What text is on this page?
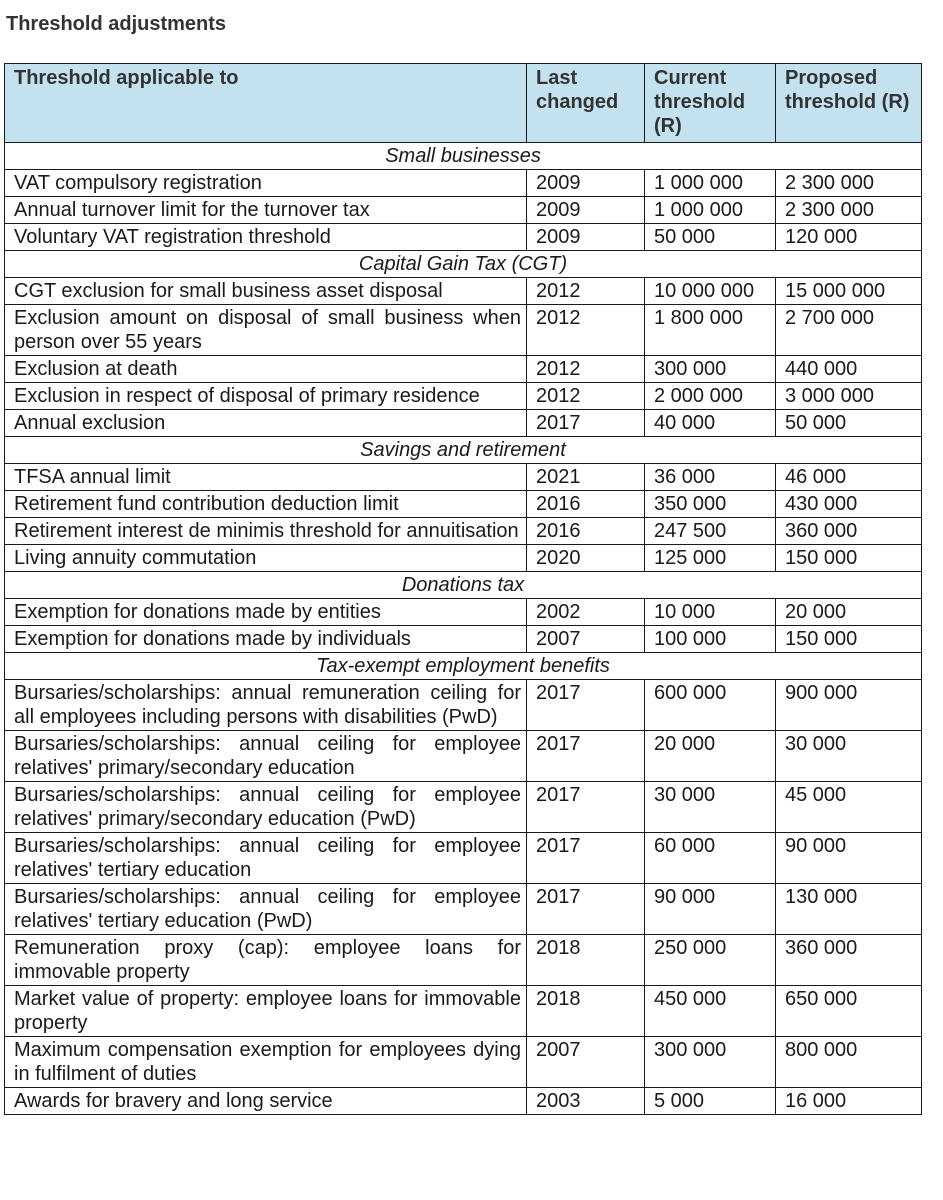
Threshold adjustments
Threshold applicable to	Last changed	Current threshold (R)	Proposed threshold (R)
Small businesses			
VAT compulsory registration	2009	1 000 000	2 300 000
Annual turnover limit for the turnover tax	2009	1 000 000	2 300 000
Voluntary VAT registration threshold	2009	50 000	120 000
Capital Gain Tax (CGT)			
CGT exclusion for small business asset disposal	2012	10 000 000	15 000 000
Exclusion amount on disposal of small business when person over 55 years	2012	1 800 000	2 700 000
Exclusion at death	2012	300 000	440 000
Exclusion in respect of disposal of primary residence	2012	2 000 000	3 000 000
Annual exclusion	2017	40 000	50 000
Savings and retirement			
TFSA annual limit	2021	36 000	46 000
Retirement fund contribution deduction limit	2016	350 000	430 000
Retirement interest de minimis threshold for annuitisation	2016	247 500	360 000
Living annuity commutation	2020	125 000	150 000
Donations tax			
Exemption for donations made by entities	2002	10 000	20 000
Exemption for donations made by individuals	2007	100 000	150 000
Tax-exempt employment benefits			
Bursaries/scholarships: annual remuneration ceiling for all employees including persons with disabilities (PwD)	2017	600 000	900 000
Bursaries/scholarships: annual ceiling for employee relatives' primary/secondary education	2017	20 000	30 000
Bursaries/scholarships: annual ceiling for employee relatives' primary/secondary education (PwD)	2017	30 000	45 000
Bursaries/scholarships: annual ceiling for employee relatives' tertiary education	2017	60 000	90 000
Bursaries/scholarships: annual ceiling for employee relatives' tertiary education (PwD)	2017	90 000	130 000
Remuneration proxy (cap): employee loans for immovable property	2018	250 000	360 000
Market value of property: employee loans for immovable property	2018	450 000	650 000
Maximum compensation exemption for employees dying in fulfilment of duties	2007	300 000	800 000
Awards for bravery and long service	2003	5 000	16 000
